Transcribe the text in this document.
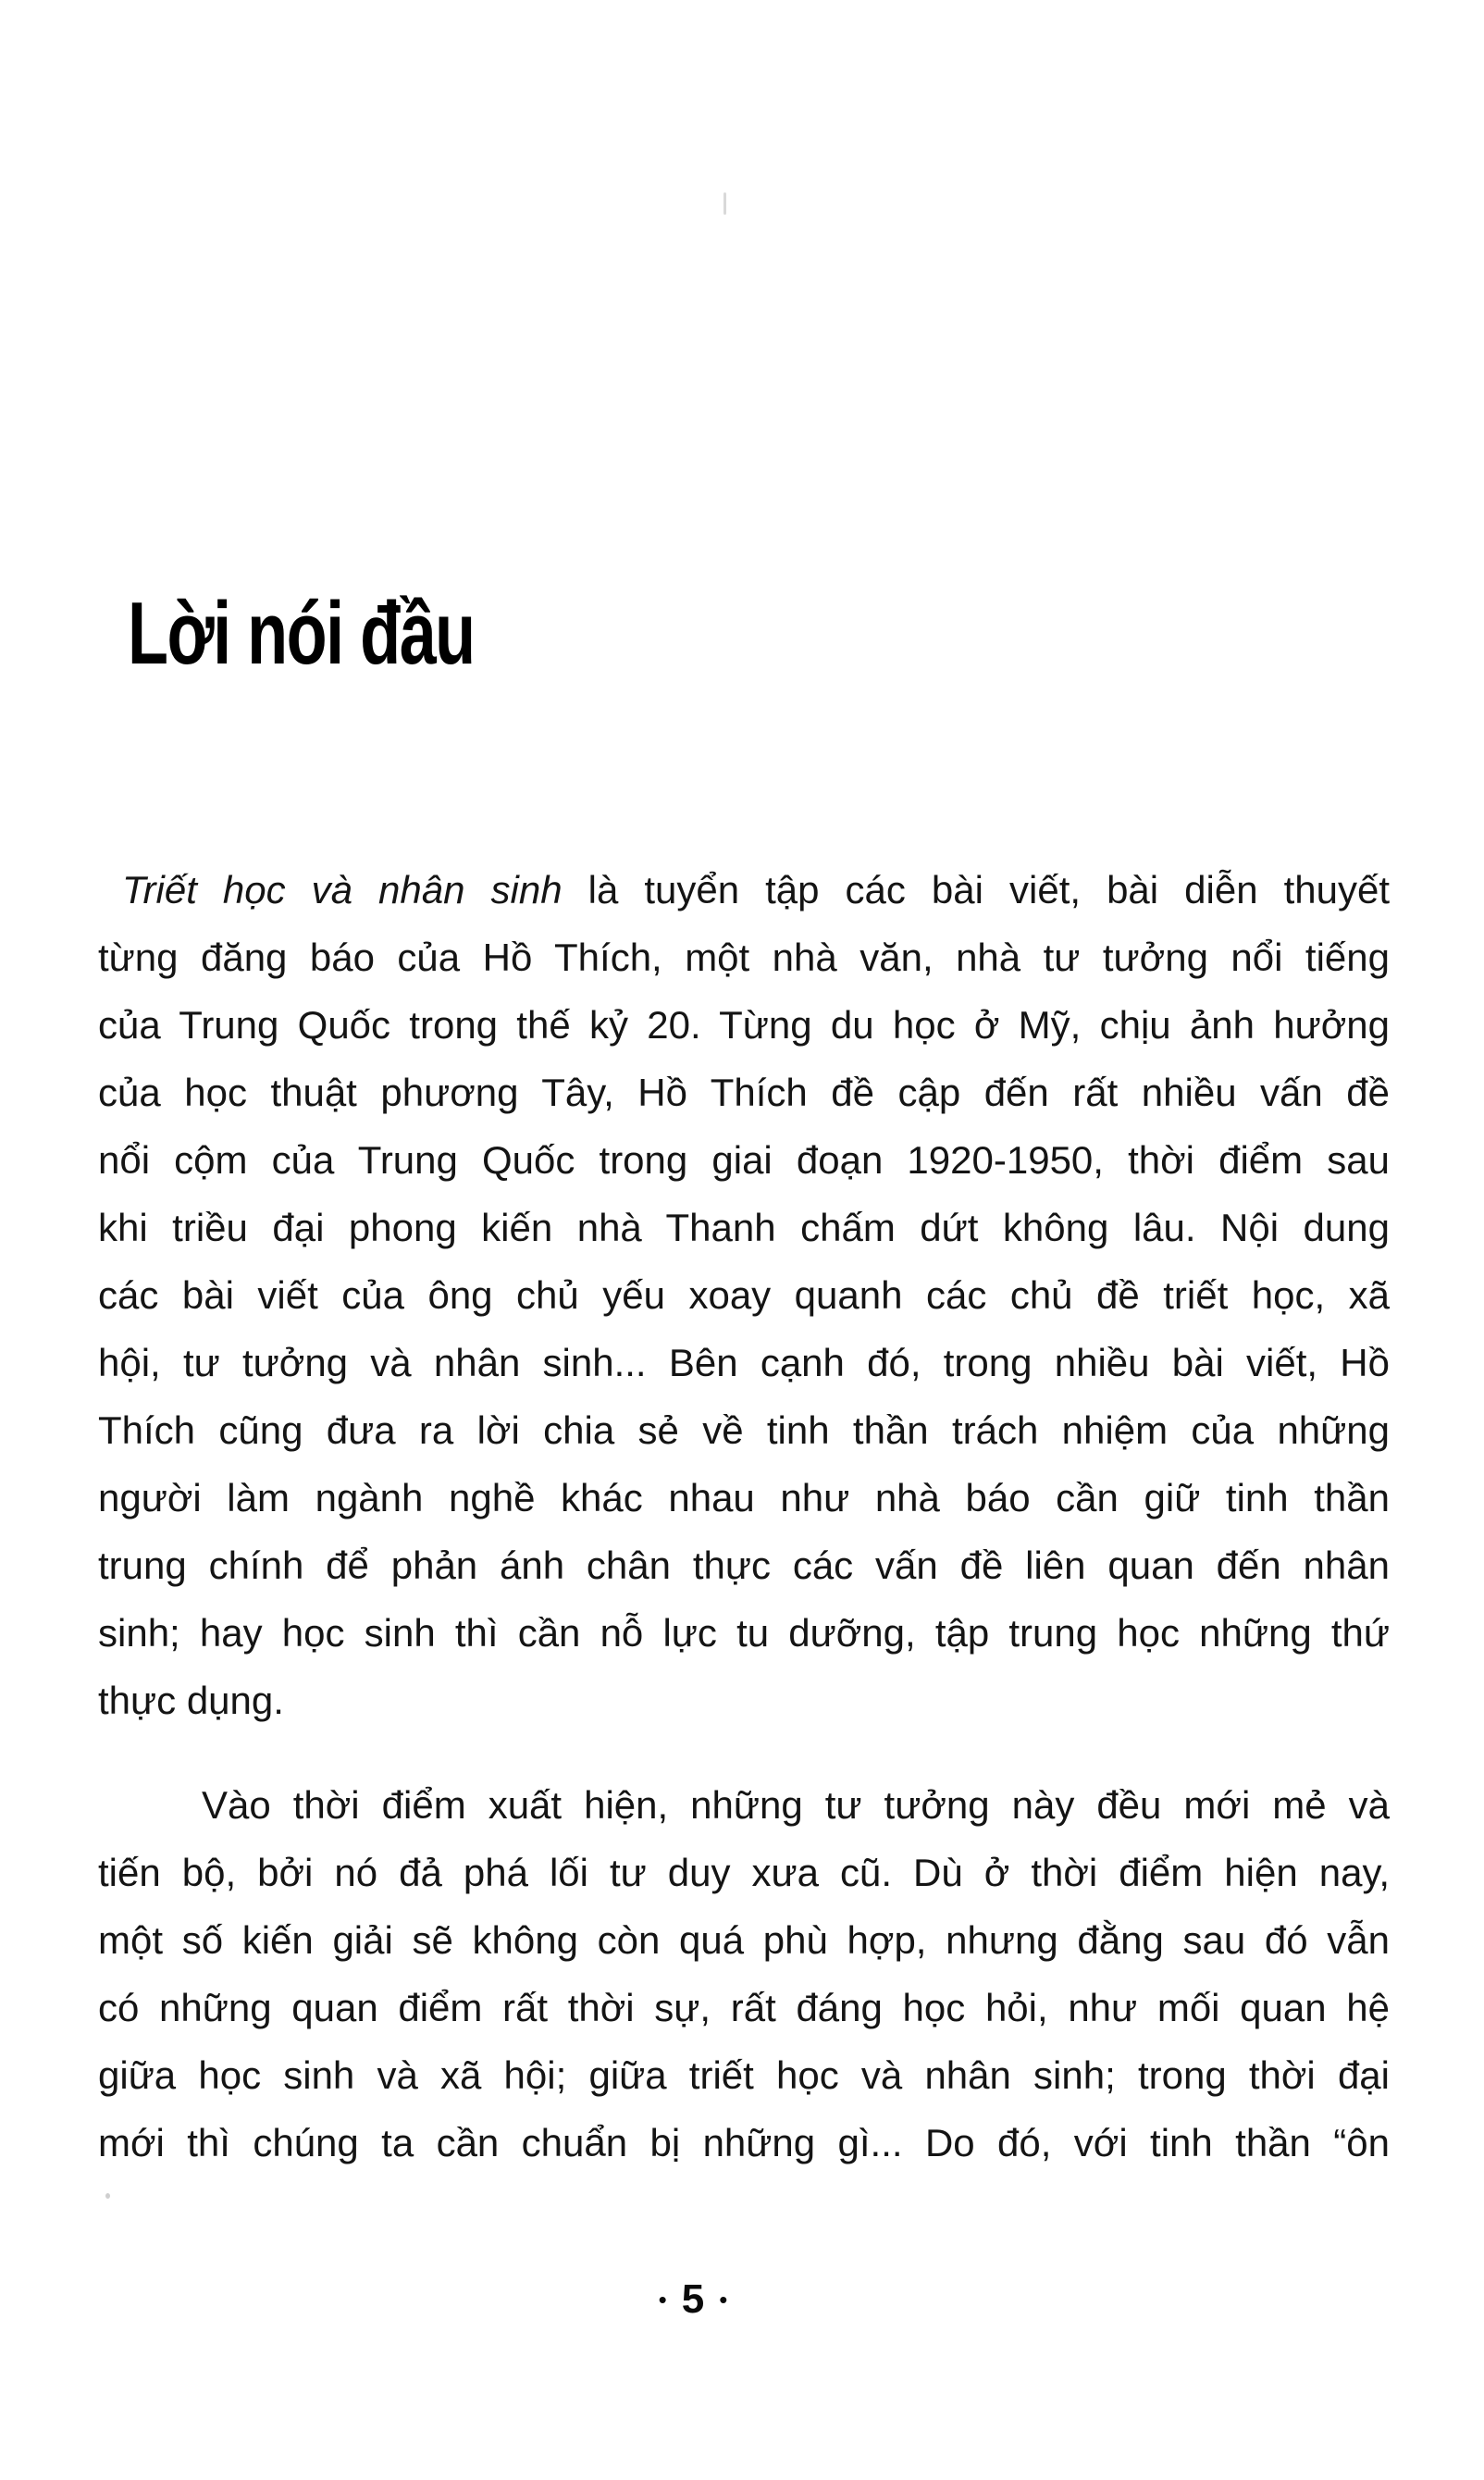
Lời nói đầu
Triết học và nhân sinh là tuyển tập các bài viết, bài diễn thuyết
từng đăng báo của Hồ Thích, một nhà văn, nhà tư tưởng nổi tiếng
của Trung Quốc trong thế kỷ 20. Từng du học ở Mỹ, chịu ảnh hưởng
của học thuật phương Tây, Hồ Thích đề cập đến rất nhiều vấn đề
nổi cộm của Trung Quốc trong giai đoạn 1920-1950, thời điểm sau
khi triều đại phong kiến nhà Thanh chấm dứt không lâu. Nội dung
các bài viết của ông chủ yếu xoay quanh các chủ đề triết học, xã
hội, tư tưởng và nhân sinh... Bên cạnh đó, trong nhiều bài viết, Hồ
Thích cũng đưa ra lời chia sẻ về tinh thần trách nhiệm của những
người làm ngành nghề khác nhau như nhà báo cần giữ tinh thần
trung chính để phản ánh chân thực các vấn đề liên quan đến nhân
sinh; hay học sinh thì cần nỗ lực tu dưỡng, tập trung học những thứ
thực dụng.
Vào thời điểm xuất hiện, những tư tưởng này đều mới mẻ và
tiến bộ, bởi nó đả phá lối tư duy xưa cũ. Dù ở thời điểm hiện nay,
một số kiến giải sẽ không còn quá phù hợp, nhưng đằng sau đó vẫn
có những quan điểm rất thời sự, rất đáng học hỏi, như mối quan hệ
giữa học sinh và xã hội; giữa triết học và nhân sinh; trong thời đại
mới thì chúng ta cần chuẩn bị những gì... Do đó, với tinh thần “ôn
• 5 •
